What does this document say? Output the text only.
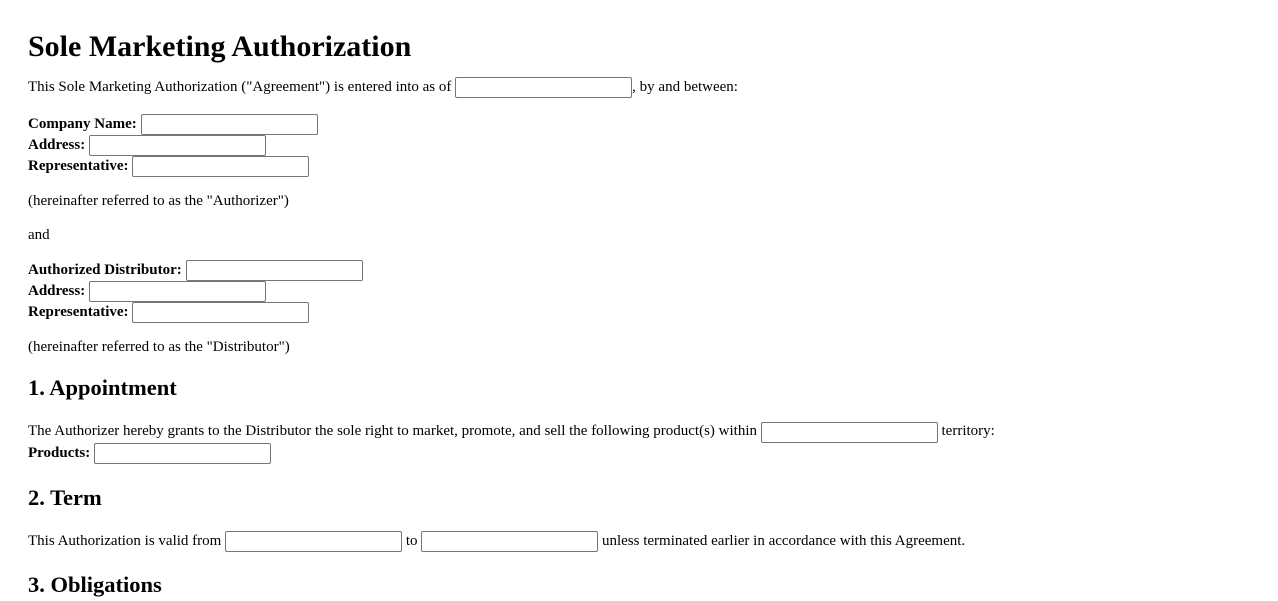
Sole Marketing Authorization
This Sole Marketing Authorization ("Agreement") is entered into as of	, by and between:
Company Name:
Address:
Representative:
(hereinafter referred to as the "Authorizer")
and
Authorized Distributor:
Address:
Representative:
(hereinafter referred to as the "Distributor")
1. Appointment
The Authorizer hereby grants to the Distributor the sole right to market, promote, and sell the following product(s) within	territory:
Products:
2. Term
This Authorization is valid from	to	unless terminated earlier in accordance with this Agreement.
3. Obligations
